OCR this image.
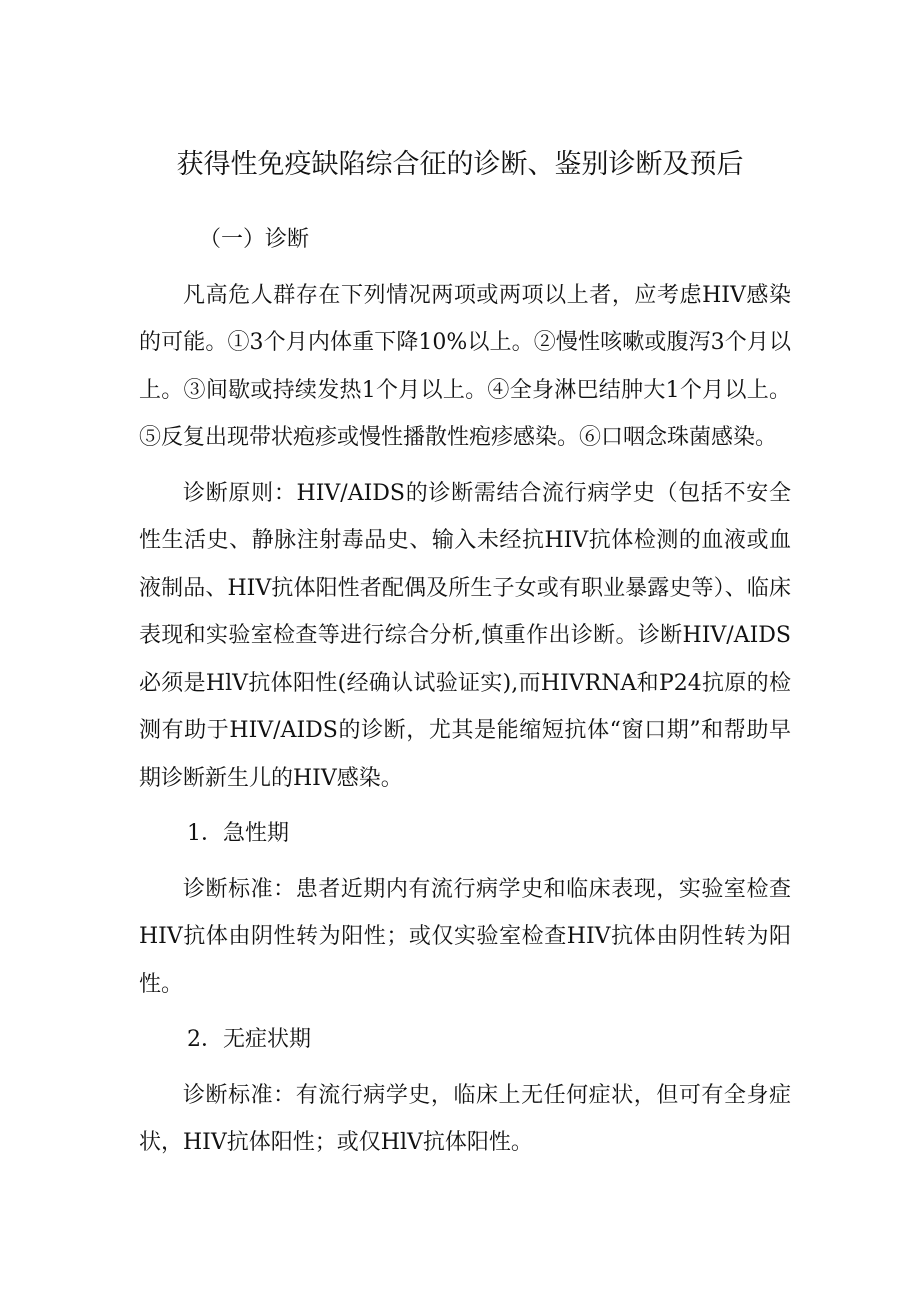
获得性免疫缺陷综合征的诊断、鉴别诊断及预后

（一）诊断

凡高危人群存在下列情况两项或两项以上者，应考虑HIV感染的可能。①3个月内体重下降10%以上。②慢性咳嗽或腹泻3个月以上。③间歇或持续发热1个月以上。④全身淋巴结肿大1个月以上。⑤反复出现带状疱疹或慢性播散性疱疹感染。⑥口咽念珠菌感染。

诊断原则：HIV/AIDS的诊断需结合流行病学史（包括不安全性生活史、静脉注射毒品史、输入未经抗HIV抗体检测的血液或血液制品、HIV抗体阳性者配偶及所生子女或有职业暴露史等）、临床表现和实验室检查等进行综合分析,慎重作出诊断。诊断HIV/AIDS必须是HlV抗体阳性(经确认试验证实),而HIVRNA和P24抗原的检测有助于HIV/AIDS的诊断，尤其是能缩短抗体“窗口期”和帮助早期诊断新生儿的HIV感染。

1．急性期

诊断标准：患者近期内有流行病学史和临床表现，实验室检查HIV抗体由阴性转为阳性；或仅实验室检查HIV抗体由阴性转为阳性。

2．无症状期

诊断标准：有流行病学史，临床上无任何症状，但可有全身症状，HIV抗体阳性；或仅HlV抗体阳性。
